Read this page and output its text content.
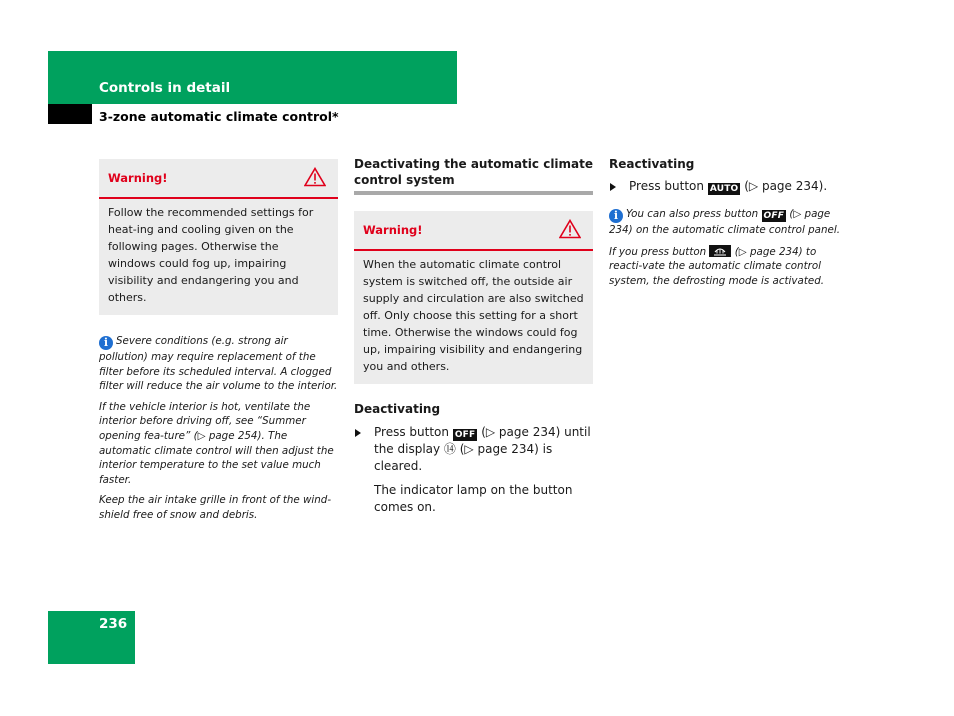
Controls in detail
3-zone automatic climate control*
Warning!
Follow the recommended settings for heat-ing and cooling given on the following pages. Otherwise the windows could fog up, impairing visibility and endangering you and others.

i Severe conditions (e.g. strong air pollution) may require replacement of the filter before its scheduled interval. A clogged filter will reduce the air volume to the interior.

If the vehicle interior is hot, ventilate the interior before driving off, see “Summer opening fea-ture” (▷ page 254). The automatic climate control will then adjust the interior temperature to the set value much faster.

Keep the air intake grille in front of the wind-shield free of snow and debris.

Deactivating the automatic climate control system
Warning!
When the automatic climate control system is switched off, the outside air supply and circulation are also switched off. Only choose this setting for a short time. Otherwise the windows could fog up, impairing visibility and endangering you and others.
Deactivating
Press button OFF (▷ page 234) until the display ⑭ (▷ page 234) is cleared.
The indicator lamp on the button comes on.
Reactivating
Press button AUTO (▷ page 234).

i You can also press button OFF (▷ page 234) on the automatic climate control panel.

If you press button	(▷ page 234) to reacti-vate the automatic climate control system, the defrosting mode is activated.

236
